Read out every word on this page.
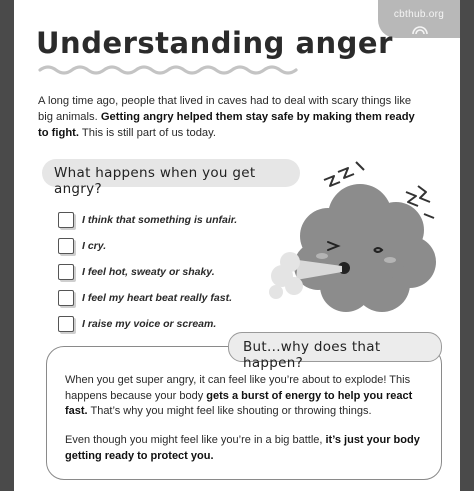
cbthub.org
Understanding anger

A long time ago, people that lived in caves had to deal with scary things like big animals. Getting angry helped them stay safe by making them ready to fight. This is still part of us today.

What happens when you get angry?
I think that something is unfair.
I cry.
I feel hot, sweaty or shaky.
I feel my heart beat really fast.
I raise my voice or scream.

When you get super angry, it can feel like you’re about to explode! This happens because your body gets a burst of energy to help you react fast. That’s why you might feel like shouting or throwing things.

Even though you might feel like you’re in a big battle, it’s just your body getting ready to protect you.

But...why does that happen?
